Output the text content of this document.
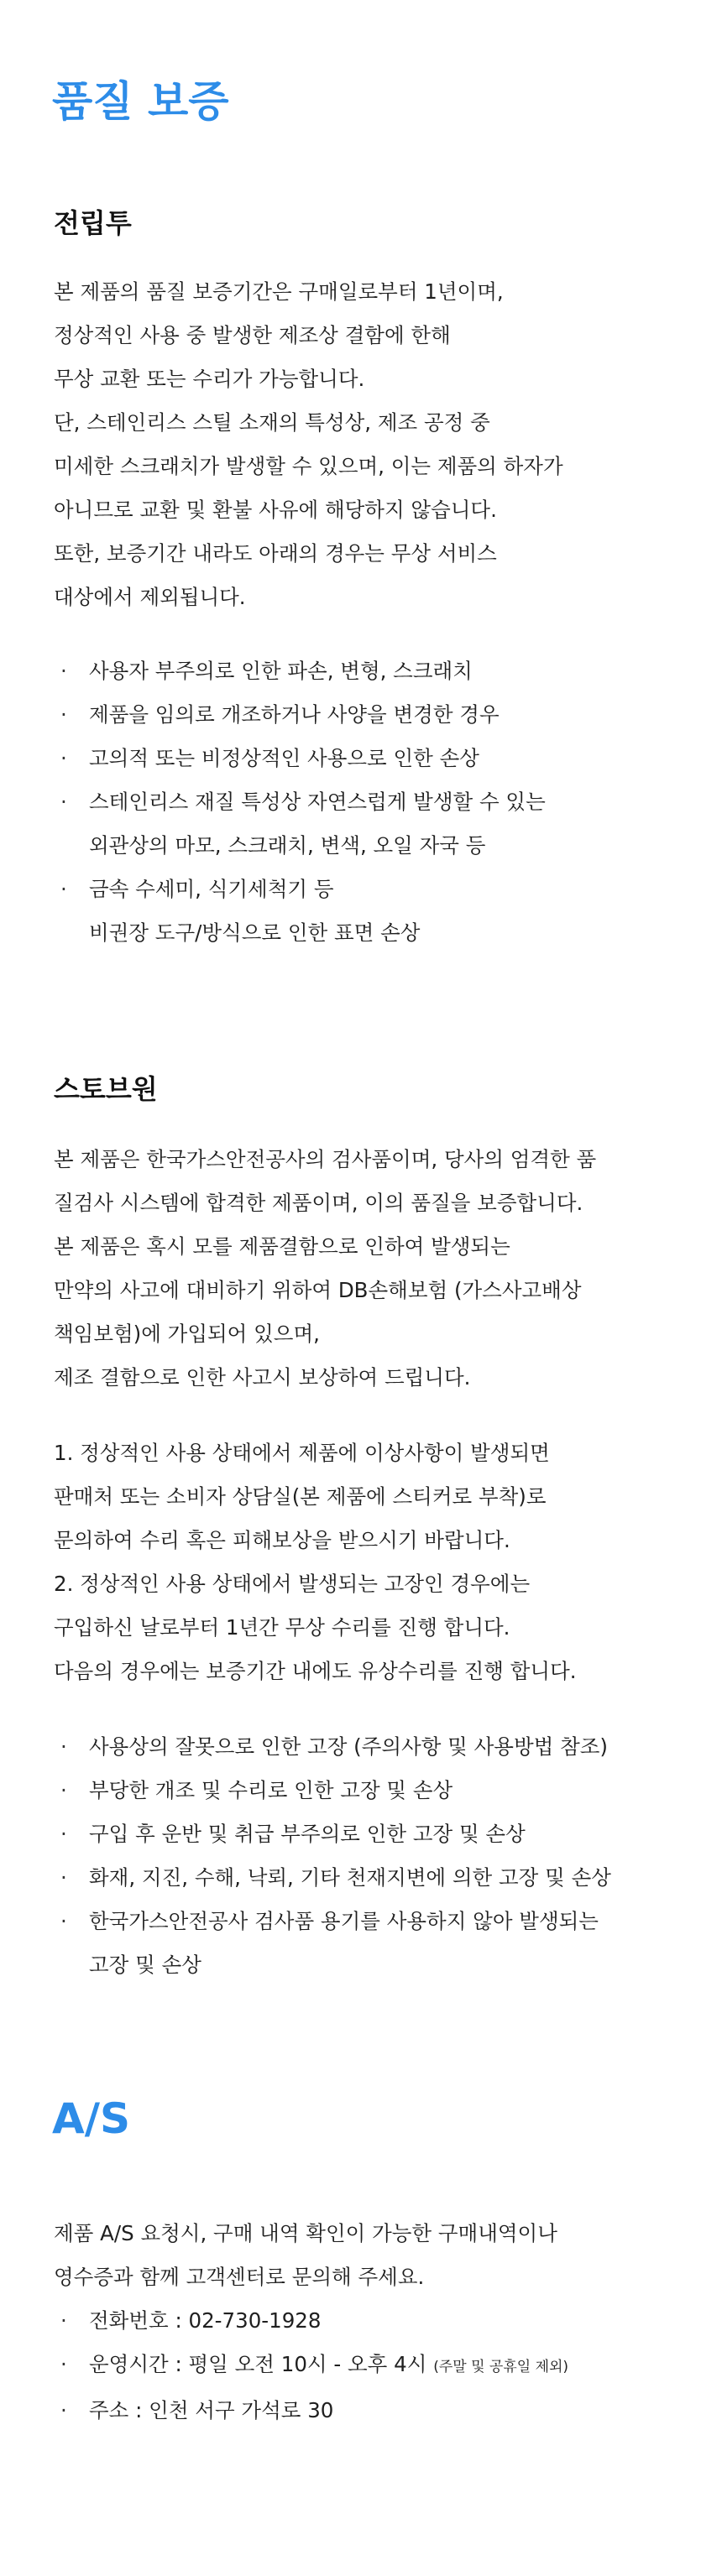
품질 보증
전립투

본 제품의 품질 보증기간은 구매일로부터 1년이며,
정상적인 사용 중 발생한 제조상 결함에 한해
무상 교환 또는 수리가 가능합니다.
단, 스테인리스 스틸 소재의 특성상, 제조 공정 중
미세한 스크래치가 발생할 수 있으며, 이는 제품의 하자가
아니므로 교환 및 환불 사유에 해당하지 않습니다.
또한, 보증기간 내라도 아래의 경우는 무상 서비스
대상에서 제외됩니다.

·	사용자 부주의로 인한 파손, 변형, 스크래치
·	제품을 임의로 개조하거나 사양을 변경한 경우
·	고의적 또는 비정상적인 사용으로 인한 손상
·	스테인리스 재질 특성상 자연스럽게 발생할 수 있는
외관상의 마모, 스크래치, 변색, 오일 자국 등
·	금속 수세미, 식기세척기 등
비권장 도구/방식으로 인한 표면 손상
스토브원

본 제품은 한국가스안전공사의 검사품이며, 당사의 엄격한 품
질검사 시스템에 합격한 제품이며, 이의 품질을 보증합니다.
본 제품은 혹시 모를 제품결함으로 인하여 발생되는
만약의 사고에 대비하기 위하여 DB손해보험 (가스사고배상
책임보험)에 가입되어 있으며,
제조 결함으로 인한 사고시 보상하여 드립니다.

1. 정상적인 사용 상태에서 제품에 이상사항이 발생되면
판매처 또는 소비자 상담실(본 제품에 스티커로 부착)로
문의하여 수리 혹은 피해보상을 받으시기 바랍니다.
2. 정상적인 사용 상태에서 발생되는 고장인 경우에는
구입하신 날로부터 1년간 무상 수리를 진행 합니다.
다음의 경우에는 보증기간 내에도 유상수리를 진행 합니다.

·	사용상의 잘못으로 인한 고장 (주의사항 및 사용방법 참조)
·	부당한 개조 및 수리로 인한 고장 및 손상
·	구입 후 운반 및 취급 부주의로 인한 고장 및 손상
·	화재, 지진, 수해, 낙뢰, 기타 천재지변에 의한 고장 및 손상
·	한국가스안전공사 검사품 용기를 사용하지 않아 발생되는
고장 및 손상
A/S

제품 A/S 요청시, 구매 내역 확인이 가능한 구매내역이나
영수증과 함께 고객센터로 문의해 주세요.

·	전화번호 : 02-730-1928
·	운영시간 : 평일 오전 10시 - 오후 4시 (주말 및 공휴일 제외)
·	주소 : 인천 서구 가석로 30
